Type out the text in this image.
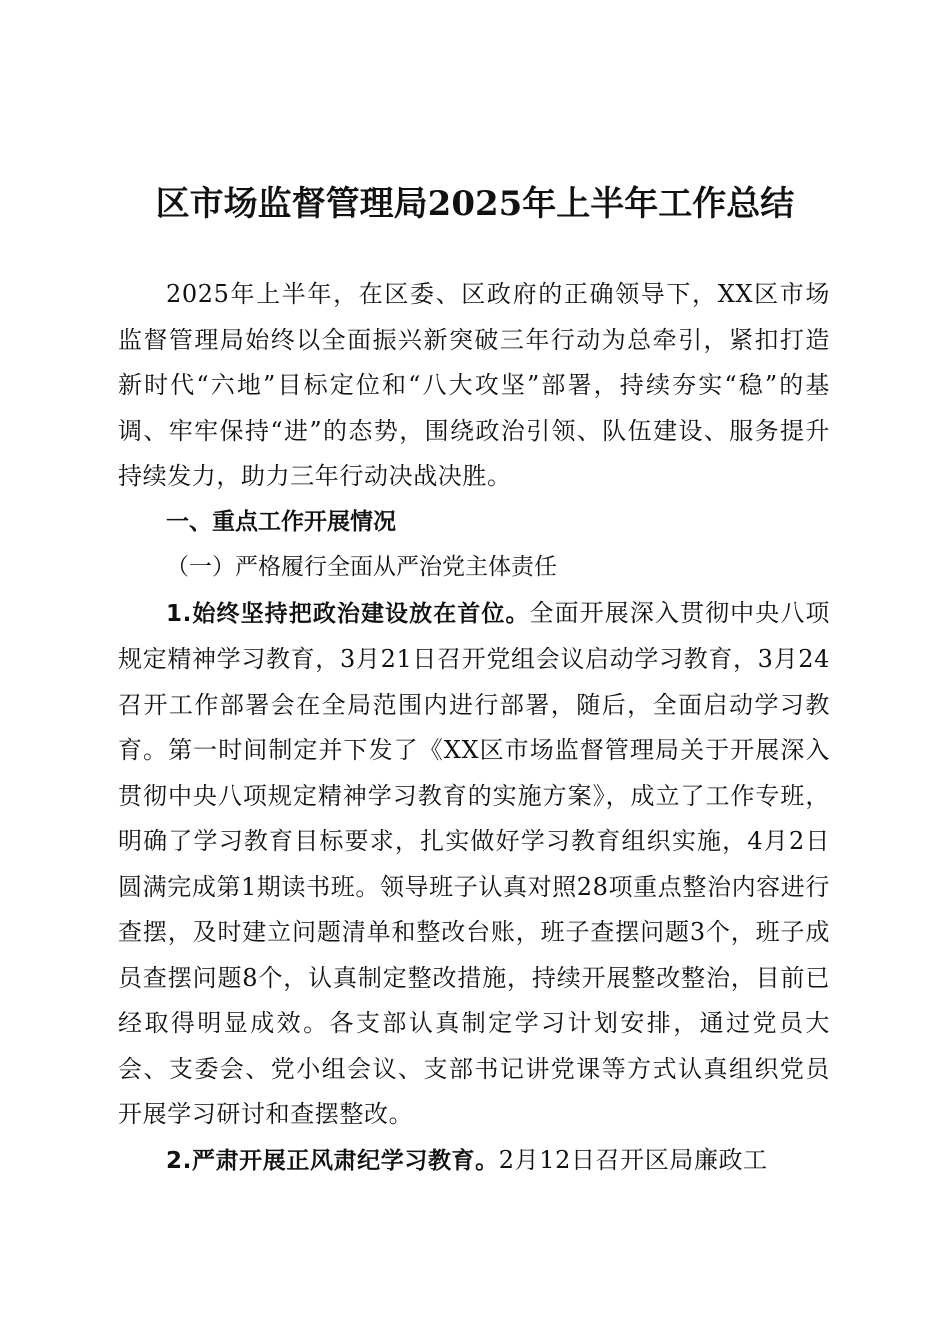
区市场监督管理局2025年上半年工作总结

2025年上半年，在区委、区政府的正确领导下，XX区市场监督管理局始终以全面振兴新突破三年行动为总牵引，紧扣打造新时代“六地”目标定位和“八大攻坚”部署，持续夯实“稳”的基调、牢牢保持“进”的态势，围绕政治引领、队伍建设、服务提升持续发力，助力三年行动决战决胜。

一、重点工作开展情况

（一）严格履行全面从严治党主体责任

1.始终坚持把政治建设放在首位。全面开展深入贯彻中央八项规定精神学习教育，3月21日召开党组会议启动学习教育，3月24召开工作部署会在全局范围内进行部署，随后，全面启动学习教育。第一时间制定并下发了《XX区市场监督管理局关于开展深入贯彻中央八项规定精神学习教育的实施方案》，成立了工作专班，明确了学习教育目标要求，扎实做好学习教育组织实施，4月2日圆满完成第1期读书班。领导班子认真对照28项重点整治内容进行查摆，及时建立问题清单和整改台账，班子查摆问题3个，班子成员查摆问题8个，认真制定整改措施，持续开展整改整治，目前已经取得明显成效。各支部认真制定学习计划安排，通过党员大会、支委会、党小组会议、支部书记讲党课等方式认真组织党员开展学习研讨和查摆整改。

2.严肃开展正风肃纪学习教育。2月12日召开区局廉政工
